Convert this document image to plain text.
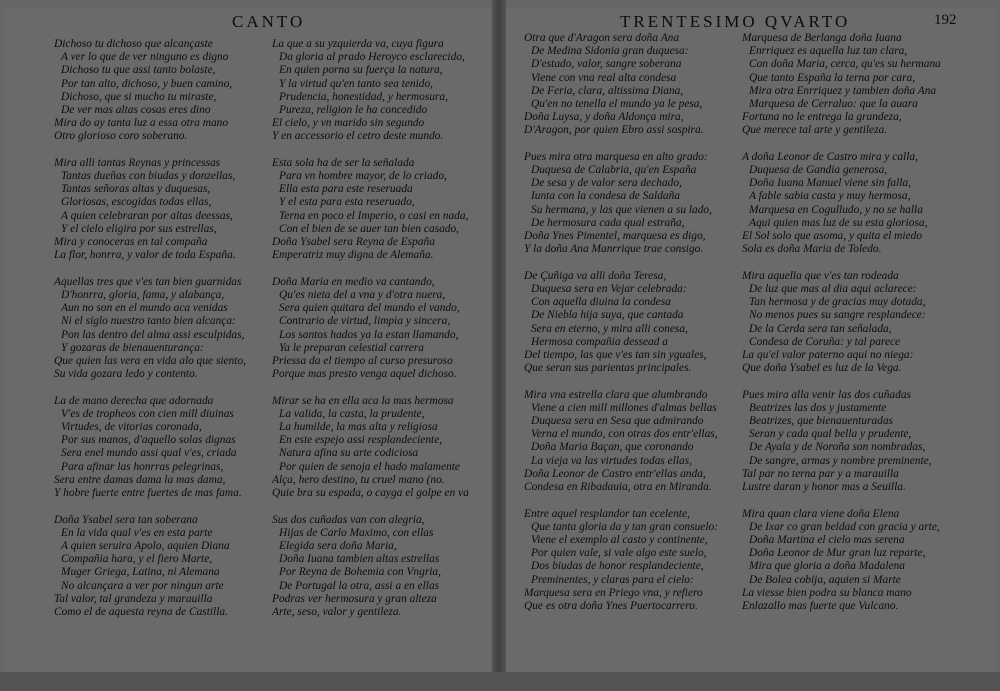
CANTO	TRENTESIMO QVARTO	192
Dichoso tu dichoso que alcançaste
A ver lo que de ver ninguno es digno
Dichoso tu que assi tanto bolaste,
Por tan alto, dichoso, y buen camino,
Dichoso, que si mucho tu miraste,
De ver mas altas cosas eres dino
Mira do ay tanta luz a essa otra mano
Otro glorioso coro soberano.
Mira alli tantas Reynas y princessas
Tantas dueñas con biudas y donzellas,
Tantas señoras altas y duquesas,
Gloriosas, escogidas todas ellas,
A quien celebraran por altas deessas,
Y el cielo eligira por sus estrellas,
Mira y conoceras en tal compaña
La flor, honrra, y valor de toda España.
Aquellas tres que v'es tan bien guarnidas
D'honrra, gloria, fama, y alabança,
Aun no son en el mundo aca venidas
Ni el siglo nuestro tanto bien alcança:
Pon las dentro del alma assi esculpidas,
Y gozaras de bienauenturança:
Que quien las vera en vida alo que siento,
Su vida gozara ledo y contento.
La de mano derecha que adornada
V'es de tropheos con cien mill diuinas
Virtudes, de vitorias coronada,
Por sus manos, d'aquello solas dignas
Sera enel mundo assi qual v'es, criada
Para afinar las honrras pelegrinas,
Sera entre damas dama la mas dama,
Y hobre fuerte entre fuertes de mas fama.
Doña Ysabel sera tan soberana
En la vida qual v'es en esta parte
A quien seruira Apolo, aquien Diana
Compañia hara, y el fiero Marte,
Muger Griega, Latina, ni Alemana
No alcançara a ver por ningun arte
Tal valor, tal grandeza y marauilla
Como el de aquesta reyna de Castilla.
La que a su yzquierda va, cuya figura
Da gloria al prado Heroyco esclarecido,
En quien porna su fuerça la natura,
Y la virtud qu'en tanto sea tenido,
Prudencia, honestidad, y hermosura,
Pureza, religion le ha concedido
El cielo, y vn marido sin segundo
Y en accessorio el cetro deste mundo.
Esta sola ha de ser la señalada
Para vn hombre mayor, de lo criado,
Ella esta para este reseruada
Y el esta para esta reseruado,
Terna en poco el Imperio, o casi en nada,
Con el bien de se auer tan bien casado,
Doña Ysabel sera Reyna de España
Emperatriz muy digna de Alemaña.
Doña Maria en medio va cantando,
Qu'es nieta del a vna y d'otra nuera,
Sera quien quitara del mundo el vando,
Contrario de virtud, limpia y sincera,
Los santos hados ya la estan llamando,
Ya le preparan celestial carrera
Priessa da el tiempo al curso presuroso
Porque mas presto venga aquel dichoso.
Mirar se ha en ella aca la mas hermosa
La valida, la casta, la prudente,
La humilde, la mas alta y religiosa
En este espejo assi resplandeciente,
Natura afina su arte codiciosa
Por quien de senoja el hado malamente
Alça, hero destino, tu cruel mano (no.
Quie bra su espada, o cayga el golpe en va
Sus dos cuñadas van con alegria,
Hijas de Carlo Maximo, con ellas
Elegida sera doña Maria,
Doña Iuana tambien altas estrellas
Por Reyna de Bohemia con Vngria,
De Portugal la otra, assi a en ellas
Podras ver hermosura y gran alteza
Arte, seso, valor y gentileza.
Otra que d'Aragon sera doña Ana
De Medina Sidonia gran duquesa:
D'estado, valor, sangre soberana
Viene con vna real alta condesa
De Feria, clara, altissima Diana,
Qu'en no tenella el mundo ya le pesa,
Doña Luysa, y doña Aldonça mira,
D'Aragon, por quien Ebro assi sospira.
Pues mira otra marquesa en alto grado:
Duquesa de Calabria, qu'en España
De sesa y de valor sera dechado,
Iunta con la condesa de Saldaña
Su hermana, y las que vienen a su lado,
De hermosura cada qual estraña,
Doña Ynes Pimentel, marquesa es digo,
Y la doña Ana Manrrique trae consigo.
De Çuñiga va alli doña Teresa,
Duquesa sera en Vejar celebrada:
Con aquella diuina la condesa
De Niebla hija suya, que cantada
Sera en eterno, y mira alli conesa,
Hermosa compañia dessead a
Del tiempo, las que v'es tan sin yguales,
Que seran sus parientas principales.
Mira vna estrella clara que alumbrando
Viene a cien mill millones d'almas bellas
Duquesa sera en Sesa que admirando
Verna el mundo, con otras dos entr'ellas,
Doña Maria Baçan, que coronando
La vieja va las virtudes todas ellas,
Doña Leonor de Castro entr'ellas anda,
Condesa en Ribadauia, otra en Miranda.
Entre aquel resplandor tan ecelente,
Que tanta gloria da y tan gran consuelo:
Viene el exemplo al casto y continente,
Por quien vale, si vale algo este suelo,
Dos biudas de honor resplandeciente,
Preminentes, y claras para el cielo:
Marquesa sera en Priego vna, y refiero
Que es otra doña Ynes Puertocarrero.
Marquesa de Berlanga doña Iuana
Enrriquez es aquella luz tan clara,
Con doña Maria, cerca, qu'es su hermana
Que tanto España la terna por cara,
Mira otra Enrriquez y tambien doña Ana
Marquesa de Cerraluo: que la auara
Fortuna no le entrega la grandeza,
Que merece tal arte y gentileza.
A doña Leonor de Castro mira y calla,
Duquesa de Gandia generosa,
Doña Iuana Manuel viene sin falla,
A fable sabia casta y muy hermosa,
Marquesa en Cogulludo, y no se halla
Aqui quien mas luz de su esta gloriosa,
El Sol solo que asoma, y quita el miedo
Sola es doña Maria de Toledo.
Mira aquella que v'es tan rodeada
De luz que mas al dia aqui aclarece:
Tan hermosa y de gracias muy dotada,
No menos pues su sangre resplandece:
De la Cerda sera tan señalada,
Condesa de Coruña: y tal parece
La qu'el valor paterno aqui no niega:
Que doña Ysabel es luz de la Vega.
Pues mira alla venir las dos cuñadas
Beatrizes las dos y justamente
Beatrizes, que bienauenturadas
Seran y cada qual bella y prudente,
De Ayala y de Noroña son nombradas,
De sangre, armas y nombre preminente,
Tal par no terna par y a marauilla
Lustre daran y honor mas a Seuilla.
Mira quan clara viene doña Elena
De Ixar co gran beldad con gracia y arte,
Doña Martina el cielo mas serena
Doña Leonor de Mur gran luz reparte,
Mira que gloria a doña Madalena
De Bolea cobija, aquien si Marte
La viesse bien podra su blanca mano
Enlazallo mas fuerte que Vulcano.
